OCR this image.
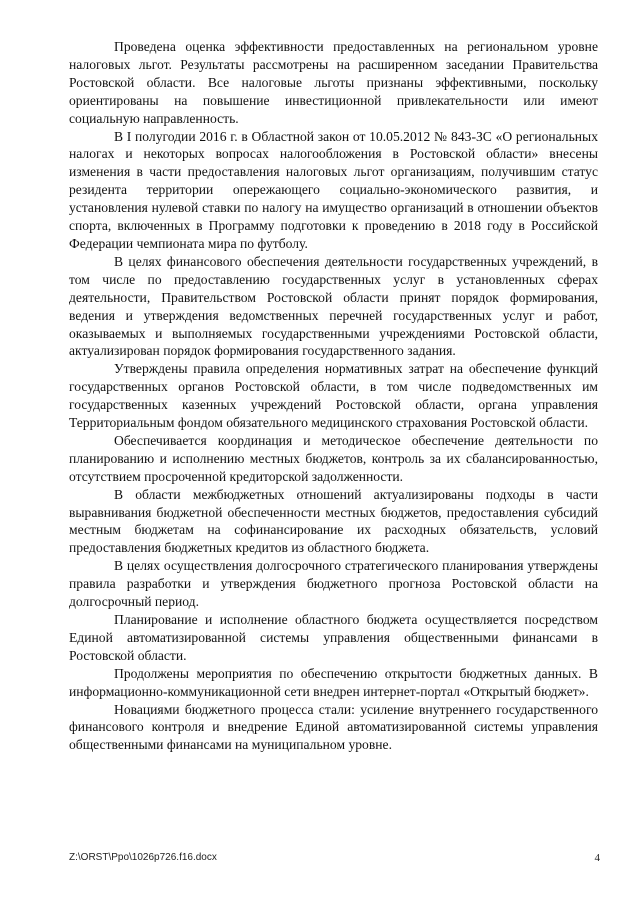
Проведена оценка эффективности предоставленных на региональном уровне налоговых льгот. Результаты рассмотрены на расширенном заседании Правительства Ростовской области. Все налоговые льготы признаны эффективными, поскольку ориентированы на повышение инвестиционной привлекательности или имеют социальную направленность.

В I полугодии 2016 г. в Областной закон от 10.05.2012 № 843-ЗС «О региональных налогах и некоторых вопросах налогообложения в Ростовской области» внесены изменения в части предоставления налоговых льгот организациям, получившим статус резидента территории опережающего социально-экономического развития, и установления нулевой ставки по налогу на имущество организаций в отношении объектов спорта, включенных в Программу подготовки к проведению в 2018 году в Российской Федерации чемпионата мира по футболу.

В целях финансового обеспечения деятельности государственных учреждений, в том числе по предоставлению государственных услуг в установленных сферах деятельности, Правительством Ростовской области принят порядок формирования, ведения и утверждения ведомственных перечней государственных услуг и работ, оказываемых и выполняемых государственными учреждениями Ростовской области, актуализирован порядок формирования государственного задания.

Утверждены правила определения нормативных затрат на обеспечение функций государственных органов Ростовской области, в том числе подведомственных им государственных казенных учреждений Ростовской области, органа управления Территориальным фондом обязательного медицинского страхования Ростовской области.

Обеспечивается координация и методическое обеспечение деятельности по планированию и исполнению местных бюджетов, контроль за их сбалансированностью, отсутствием просроченной кредиторской задолженности.

В области межбюджетных отношений актуализированы подходы в части выравнивания бюджетной обеспеченности местных бюджетов, предоставления субсидий местным бюджетам на софинансирование их расходных обязательств, условий предоставления бюджетных кредитов из областного бюджета.

В целях осуществления долгосрочного стратегического планирования утверждены правила разработки и утверждения бюджетного прогноза Ростовской области на долгосрочный период.

Планирование и исполнение областного бюджета осуществляется посредством Единой автоматизированной системы управления общественными финансами в Ростовской области.

Продолжены мероприятия по обеспечению открытости бюджетных данных. В информационно-коммуникационной сети внедрен интернет-портал «Открытый бюджет».

Новациями бюджетного процесса стали: усиление внутреннего государственного финансового контроля и внедрение Единой автоматизированной системы управления общественными финансами на муниципальном уровне.

Z:\ORST\Ppo\1026p726.f16.docx	4
